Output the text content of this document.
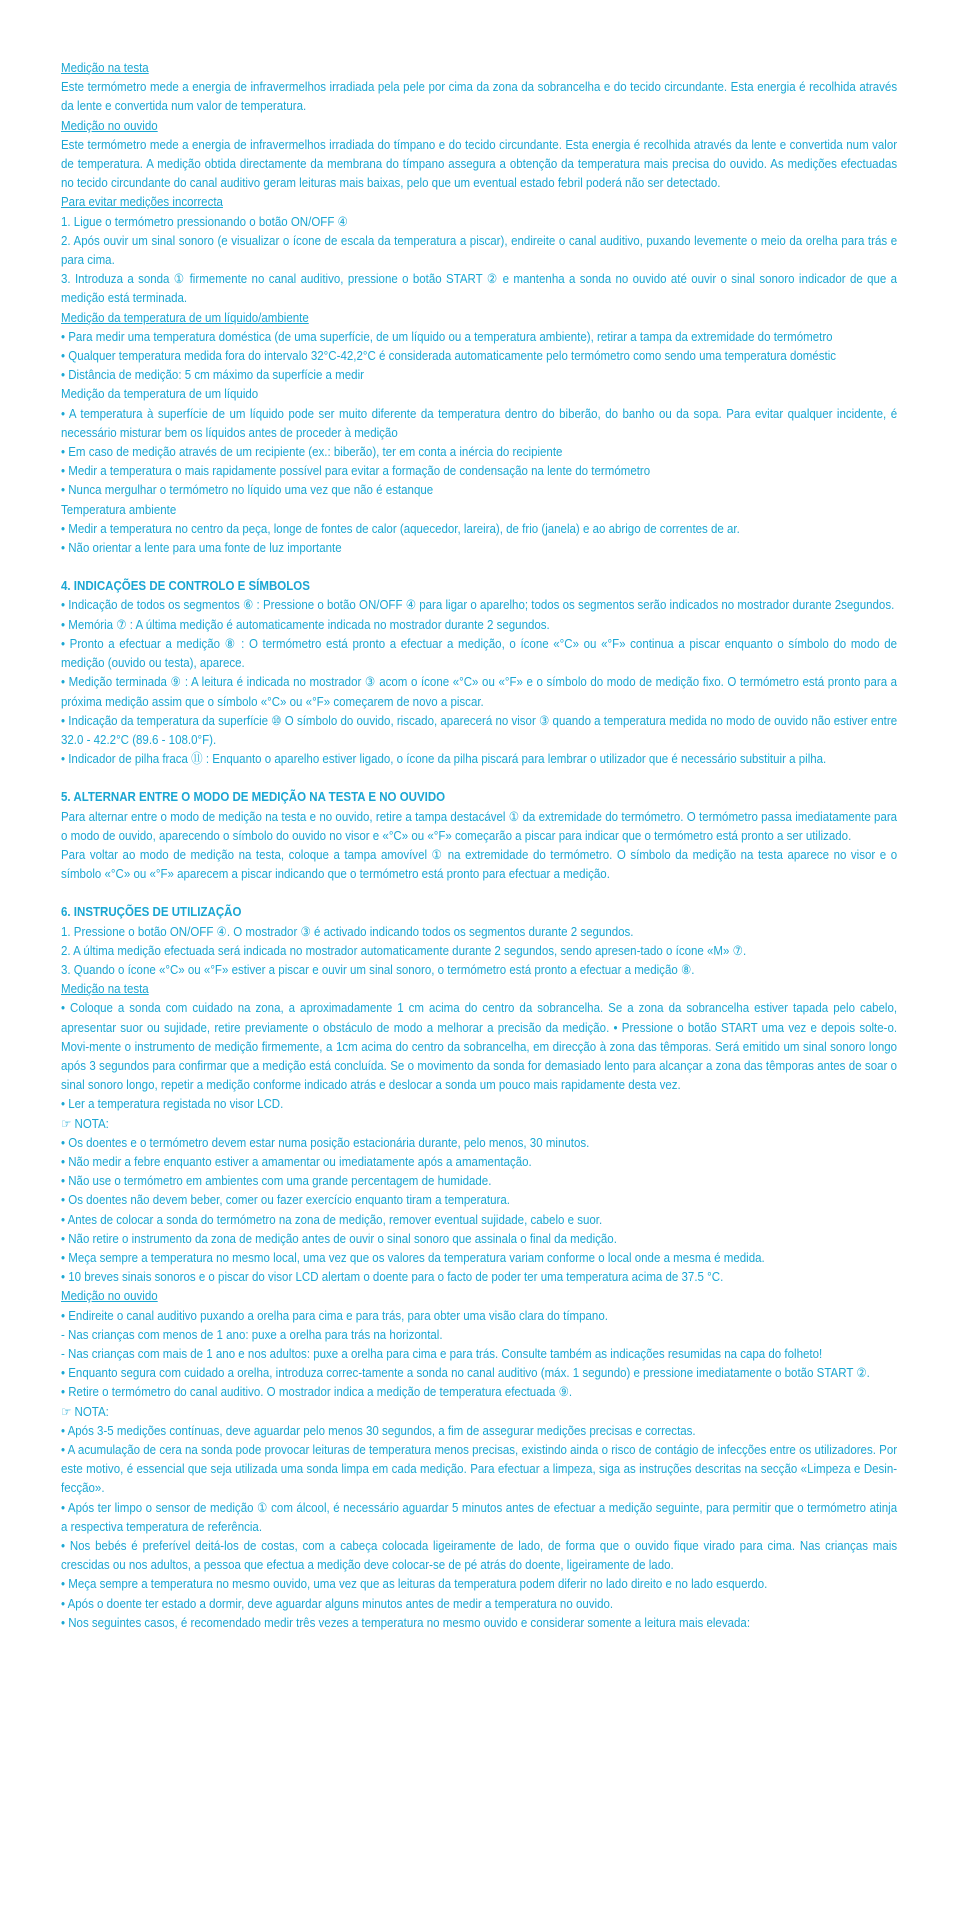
Medição na testa
Este termómetro mede a energia de infravermelhos irradiada pela pele por cima da zona da sobrancelha e do tecido circundante. Esta energia é recolhida através da lente e convertida num valor de temperatura.
Medição no ouvido
Este termómetro mede a energia de infravermelhos irradiada do tímpano e do tecido circundante. Esta energia é recolhida através da lente e convertida num valor de temperatura. A medição obtida directamente da membrana do tímpano assegura a obtenção da temperatura mais precisa do ouvido. As medições efectuadas no tecido circundante do canal auditivo geram leituras mais baixas, pelo que um eventual estado febril poderá não ser detectado.
Para evitar medições incorrecta
1. Ligue o termómetro pressionando o botão ON/OFF ④
2. Após ouvir um sinal sonoro (e visualizar o ícone de escala da temperatura a piscar), endireite o canal auditivo, puxando levemente o meio da orelha para trás e para cima.
3. Introduza a sonda ① firmemente no canal auditivo, pressione o botão START ② e mantenha a sonda no ouvido até ouvir o sinal sonoro indicador de que a medição está terminada.
Medição da temperatura de um líquido/ambiente
• Para medir uma temperatura doméstica (de uma superfície, de um líquido ou a temperatura ambiente), retirar a tampa da extremidade do termómetro
• Qualquer temperatura medida fora do intervalo 32°C-42,2°C é considerada automaticamente pelo termómetro como sendo uma temperatura doméstic
• Distância de medição: 5 cm máximo da superfície a medir
Medição da temperatura de um líquido
• A temperatura à superfície de um líquido pode ser muito diferente da temperatura dentro do biberão, do banho ou da sopa. Para evitar qualquer incidente, é necessário misturar bem os líquidos antes de proceder à medição
• Em caso de medição através de um recipiente (ex.: biberão), ter em conta a inércia do recipiente
• Medir a temperatura o mais rapidamente possível para evitar a formação de condensação na lente do termómetro
• Nunca mergulhar o termómetro no líquido uma vez que não é estanque
Temperatura ambiente
• Medir a temperatura no centro da peça, longe de fontes de calor (aquecedor, lareira), de frio (janela) e ao abrigo de correntes de ar.
• Não orientar a lente para uma fonte de luz importante
4. INDICAÇÕES DE CONTROLO E SÍMBOLOS
• Indicação de todos os segmentos ⑥ : Pressione o botão ON/OFF ④ para ligar o aparelho; todos os segmentos serão indicados no mostrador durante 2segundos.
• Memória ⑦ : A última medição é automaticamente indicada no mostrador durante 2 segundos.
• Pronto a efectuar a medição ⑧ : O termómetro está pronto a efectuar a medição, o ícone «°C» ou «°F» continua a piscar enquanto o símbolo do modo de medição (ouvido ou testa), aparece.
• Medição terminada ⑨ : A leitura é indicada no mostrador ③ acom o ícone «°C» ou «°F» e o símbolo do modo de medição fixo. O termómetro está pronto para a próxima medição assim que o símbolo «°C» ou «°F» começarem de novo a piscar.
• Indicação da temperatura da superfície ⑩ O símbolo do ouvido, riscado, aparecerá no visor ③ quando a temperatura medida no modo de ouvido não estiver entre 32.0 - 42.2°C (89.6 - 108.0°F).
• Indicador de pilha fraca ⑪ : Enquanto o aparelho estiver ligado, o ícone da pilha piscará para lembrar o utilizador que é necessário substituir a pilha.
5. ALTERNAR ENTRE O MODO DE MEDIÇÃO NA TESTA E NO OUVIDO
Para alternar entre o modo de medição na testa e no ouvido, retire a tampa destacável ① da extremidade do termómetro. O termómetro passa imediatamente para o modo de ouvido, aparecendo o símbolo do ouvido no visor e «°C» ou «°F» começarão a piscar para indicar que o termómetro está pronto a ser utilizado.
Para voltar ao modo de medição na testa, coloque a tampa amovível ① na extremidade do termómetro. O símbolo da medição na testa aparece no visor e o símbolo «°C» ou «°F» aparecem a piscar indicando que o termómetro está pronto para efectuar a medição.
6. INSTRUÇÕES DE UTILIZAÇÃO
1. Pressione o botão ON/OFF ④. O mostrador ③ é activado indicando todos os segmentos durante 2 segundos.
2. A última medição efectuada será indicada no mostrador automaticamente durante 2 segundos, sendo apresen-tado o ícone «M» ⑦.
3. Quando o ícone «°C» ou «°F» estiver a piscar e ouvir um sinal sonoro, o termómetro está pronto a efectuar a medição ⑧.
Medição na testa
• Coloque a sonda com cuidado na zona, a aproximadamente 1 cm acima do centro da sobrancelha. Se a zona da sobrancelha estiver tapada pelo cabelo, apresentar suor ou sujidade, retire previamente o obstáculo de modo a melhorar a precisão da medição. • Pressione o botão START uma vez e depois solte-o. Movi-mente o instrumento de medição firmemente, a 1cm acima do centro da sobrancelha, em direcção à zona das têmporas. Será emitido um sinal sonoro longo após 3 segundos para confirmar que a medição está concluída. Se o movimento da sonda for demasiado lento para alcançar a zona das têmporas antes de soar o sinal sonoro longo, repetir a medição conforme indicado atrás e deslocar a sonda um pouco mais rapidamente desta vez.
• Ler a temperatura registada no visor LCD.
☞ NOTA:
• Os doentes e o termómetro devem estar numa posição estacionária durante, pelo menos, 30 minutos.
• Não medir a febre enquanto estiver a amamentar ou imediatamente após a amamentação.
• Não use o termómetro em ambientes com uma grande percentagem de humidade.
• Os doentes não devem beber, comer ou fazer exercício enquanto tiram a temperatura.
• Antes de colocar a sonda do termómetro na zona de medição, remover eventual sujidade, cabelo e suor.
• Não retire o instrumento da zona de medição antes de ouvir o sinal sonoro que assinala o final da medição.
• Meça sempre a temperatura no mesmo local, uma vez que os valores da temperatura variam conforme o local onde a mesma é medida.
• 10 breves sinais sonoros e o piscar do visor LCD alertam o doente para o facto de poder ter uma temperatura acima de 37.5 °C.
Medição no ouvido
• Endireite o canal auditivo puxando a orelha para cima e para trás, para obter uma visão clara do tímpano.
- Nas crianças com menos de 1 ano: puxe a orelha para trás na horizontal.
- Nas crianças com mais de 1 ano e nos adultos: puxe a orelha para cima e para trás. Consulte também as indicações resumidas na capa do folheto!
• Enquanto segura com cuidado a orelha, introduza correc-tamente a sonda no canal auditivo (máx. 1 segundo) e pressione imediatamente o botão START ②.
• Retire o termómetro do canal auditivo. O mostrador indica a medição de temperatura efectuada ⑨.
☞ NOTA:
• Após 3-5 medições contínuas, deve aguardar pelo menos 30 segundos, a fim de assegurar medições precisas e correctas.
• A acumulação de cera na sonda pode provocar leituras de temperatura menos precisas, existindo ainda o risco de contágio de infecções entre os utilizadores. Por este motivo, é essencial que seja utilizada uma sonda limpa em cada medição. Para efectuar a limpeza, siga as instruções descritas na secção «Limpeza e Desin-fecção».
• Após ter limpo o sensor de medição ① com álcool, é necessário aguardar 5 minutos antes de efectuar a medição seguinte, para permitir que o termómetro atinja a respectiva temperatura de referência.
• Nos bebés é preferível deitá-los de costas, com a cabeça colocada ligeiramente de lado, de forma que o ouvido fique virado para cima. Nas crianças mais crescidas ou nos adultos, a pessoa que efectua a medição deve colocar-se de pé atrás do doente, ligeiramente de lado.
• Meça sempre a temperatura no mesmo ouvido, uma vez que as leituras da temperatura podem diferir no lado direito e no lado esquerdo.
• Após o doente ter estado a dormir, deve aguardar alguns minutos antes de medir a temperatura no ouvido.
• Nos seguintes casos, é recomendado medir três vezes a temperatura no mesmo ouvido e considerar somente a leitura mais elevada:
